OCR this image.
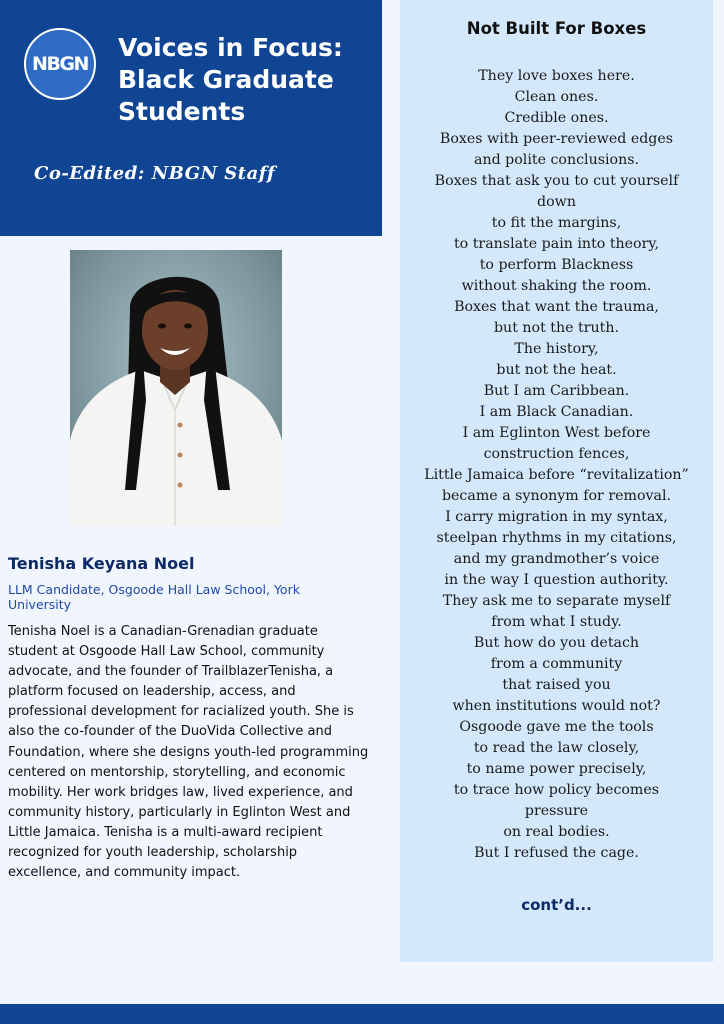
NBGN
Voices in Focus: Black Graduate Students
Co-Edited: NBGN Staff
Tenisha Keyana Noel

LLM Candidate, Osgoode Hall Law School, York University

Tenisha Noel is a Canadian-Grenadian graduate student at Osgoode Hall Law School, community advocate, and the founder of TrailblazerTenisha, a platform focused on leadership, access, and professional development for racialized youth. She is also the co-founder of the DuoVida Collective and Foundation, where she designs youth-led programming centered on mentorship, storytelling, and economic mobility. Her work bridges law, lived experience, and community history, particularly in Eglinton West and Little Jamaica. Tenisha is a multi-award recipient recognized for youth leadership, scholarship excellence, and community impact.

Not Built For Boxes
They love boxes here.
Clean ones.
Credible ones.
Boxes with peer-reviewed edges
and polite conclusions.
Boxes that ask you to cut yourself
down
to fit the margins,
to translate pain into theory,
to perform Blackness
without shaking the room.
Boxes that want the trauma,
but not the truth.
The history,
but not the heat.
But I am Caribbean.
I am Black Canadian.
I am Eglinton West before
construction fences,
Little Jamaica before “revitalization”
became a synonym for removal.
I carry migration in my syntax,
steelpan rhythms in my citations,
and my grandmother’s voice
in the way I question authority.
They ask me to separate myself
from what I study.
But how do you detach
from a community
that raised you
when institutions would not?
Osgoode gave me the tools
to read the law closely,
to name power precisely,
to trace how policy becomes
pressure
on real bodies.
But I refused the cage.
cont’d...
